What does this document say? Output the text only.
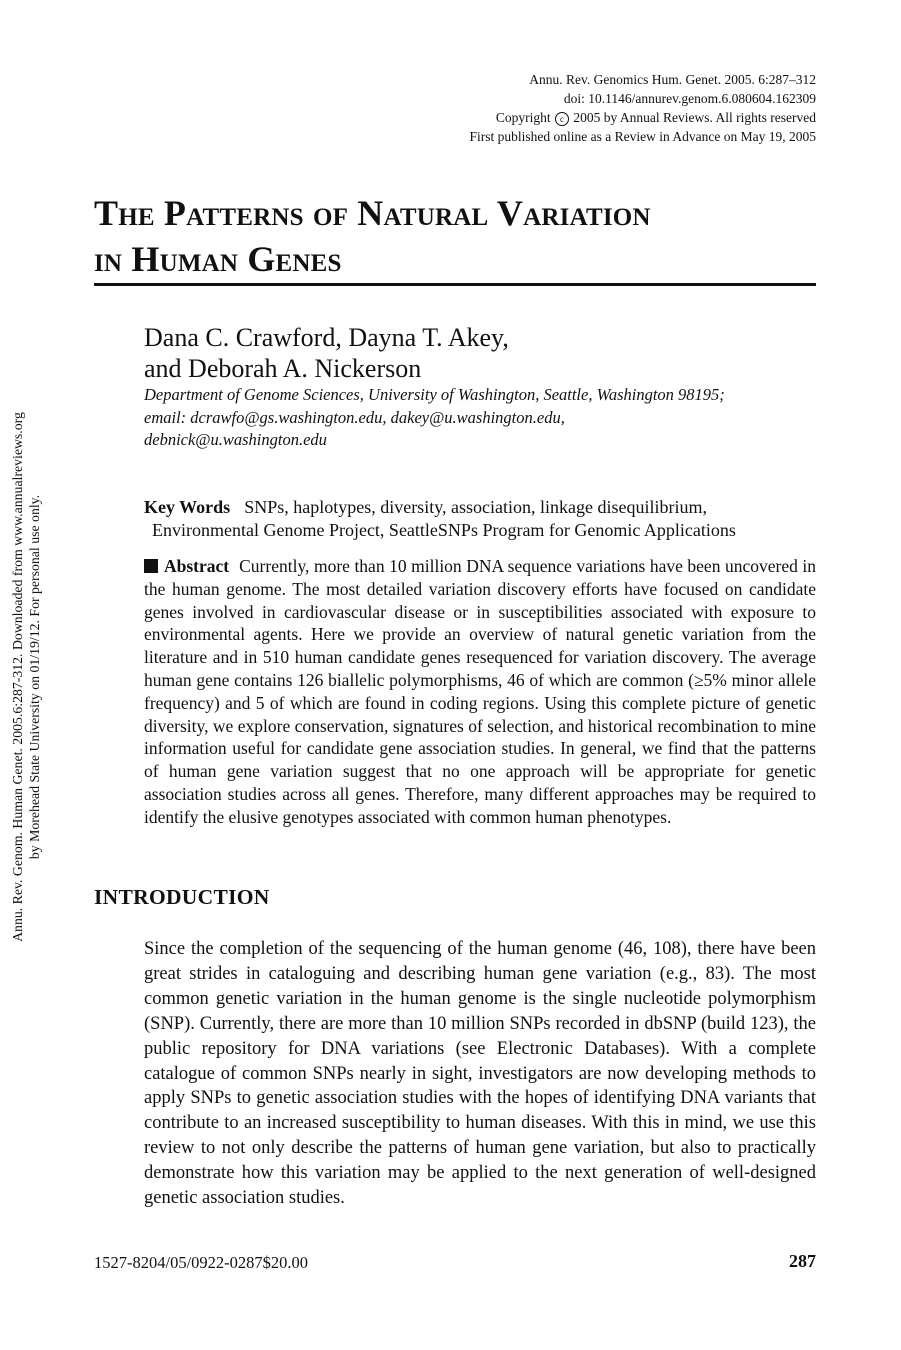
Annu. Rev. Genomics Hum. Genet. 2005. 6:287–312
doi: 10.1146/annurev.genom.6.080604.162309
Copyright c 2005 by Annual Reviews. All rights reserved
First published online as a Review in Advance on May 19, 2005
The Patterns of Natural Variation
in Human Genes
Dana C. Crawford, Dayna T. Akey,
and Deborah A. Nickerson
Department of Genome Sciences, University of Washington, Seattle, Washington 98195;
email: dcrawfo@gs.washington.edu, dakey@u.washington.edu,
debnick@u.washington.edu
Key Words SNPs, haplotypes, diversity, association, linkage disequilibrium,
Environmental Genome Project, SeattleSNPs Program for Genomic Applications

Abstract Currently, more than 10 million DNA sequence variations have been uncovered in the human genome. The most detailed variation discovery efforts have focused on candidate genes involved in cardiovascular disease or in susceptibilities associated with exposure to environmental agents. Here we provide an overview of natural genetic variation from the literature and in 510 human candidate genes resequenced for variation discovery. The average human gene contains 126 biallelic polymorphisms, 46 of which are common (≥5% minor allele frequency) and 5 of which are found in coding regions. Using this complete picture of genetic diversity, we explore conservation, signatures of selection, and historical recombination to mine information useful for candidate gene association studies. In general, we find that the patterns of human gene variation suggest that no one approach will be appropriate for genetic association studies across all genes. Therefore, many different approaches may be required to identify the elusive genotypes associated with common human phenotypes.

INTRODUCTION

Since the completion of the sequencing of the human genome (46, 108), there have been great strides in cataloguing and describing human gene variation (e.g., 83). The most common genetic variation in the human genome is the single nucleotide polymorphism (SNP). Currently, there are more than 10 million SNPs recorded in dbSNP (build 123), the public repository for DNA variations (see Electronic Databases). With a complete catalogue of common SNPs nearly in sight, investigators are now developing methods to apply SNPs to genetic association studies with the hopes of identifying DNA variants that contribute to an increased susceptibility to human diseases. With this in mind, we use this review to not only describe the patterns of human gene variation, but also to practically demonstrate how this variation may be applied to the next generation of well-designed genetic association studies.

1527-8204/05/0922-0287$20.00	287
Annu. Rev. Genom. Human Genet. 2005.6:287-312. Downloaded from www.annualreviews.org by Morehead State University on 01/19/12. For personal use only.
